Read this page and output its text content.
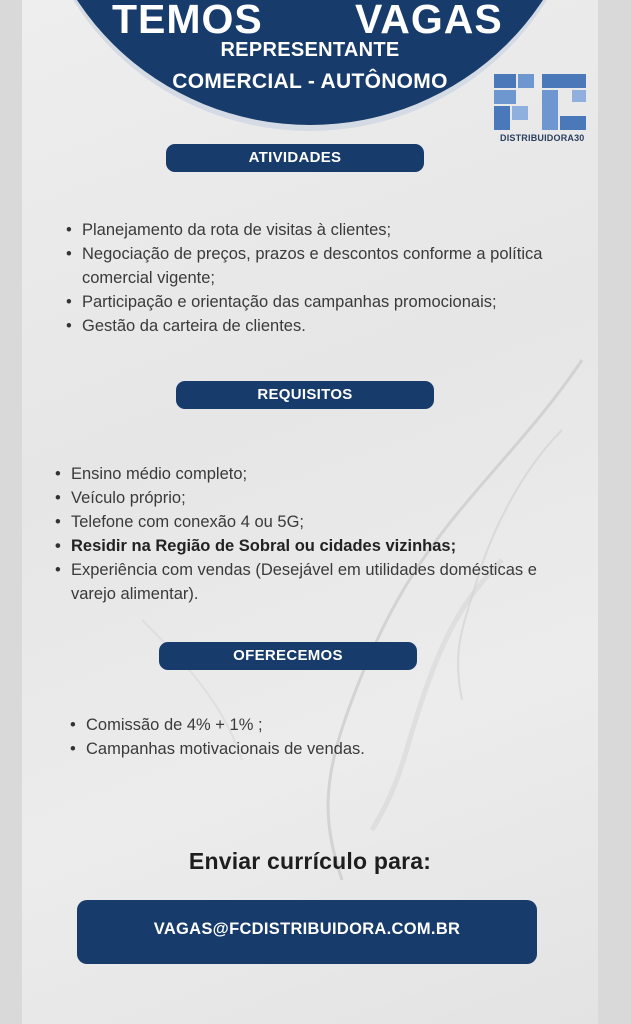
TEMOS VAGAS
REPRESENTANTE
COMERCIAL - AUTÔNOMO
DISTRIBUIDORA30
ATIVIDADES
• Planejamento da rota de visitas à clientes;
• Negociação de preços, prazos e descontos conforme a política comercial vigente;
• Participação e orientação das campanhas promocionais;
• Gestão da carteira de clientes.
REQUISITOS
• Ensino médio completo;
• Veículo próprio;
• Telefone com conexão 4 ou 5G;
• Residir na Região de Sobral ou cidades vizinhas;
• Experiência com vendas (Desejável em utilidades domésticas e varejo alimentar).
OFERECEMOS
• Comissão de 4% + 1% ;
• Campanhas motivacionais de vendas.
Enviar currículo para:
VAGAS@FCDISTRIBUIDORA.COM.BR
